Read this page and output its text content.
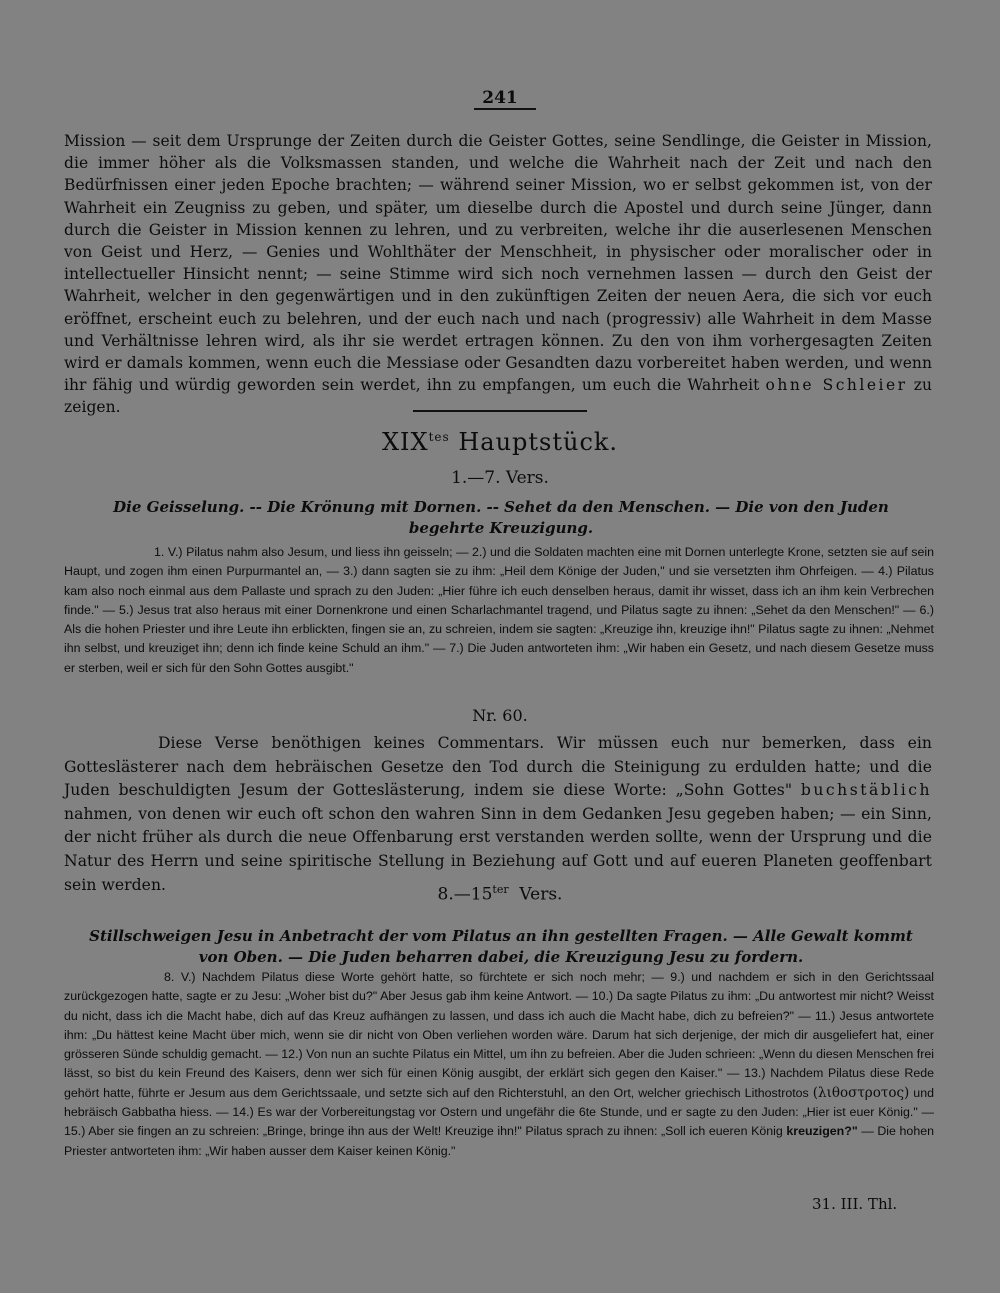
241

Mission — seit dem Ursprunge der Zeiten durch die Geister Gottes, seine Sendlinge, die Geister in Mission, die immer höher als die Volksmassen standen, und welche die Wahrheit nach der Zeit und nach den Bedürfnissen einer jeden Epoche brachten; — während seiner Mission, wo er selbst gekommen ist, von der Wahrheit ein Zeugniss zu geben, und später, um dieselbe durch die Apostel und durch seine Jünger, dann durch die Geister in Mission kennen zu lehren, und zu verbreiten, welche ihr die auserlesenen Menschen von Geist und Herz, — Genies und Wohlthäter der Menschheit, in physischer oder moralischer oder in intellectueller Hinsicht nennt; — seine Stimme wird sich noch vernehmen lassen — durch den Geist der Wahrheit, welcher in den gegenwärtigen und in den zukünftigen Zeiten der neuen Aera, die sich vor euch eröffnet, erscheint euch zu belehren, und der euch nach und nach (progressiv) alle Wahrheit in dem Masse und Verhältnisse lehren wird, als ihr sie werdet ertragen können. Zu den von ihm vorhergesagten Zeiten wird er damals kommen, wenn euch die Messiase oder Gesandten dazu vorbereitet haben werden, und wenn ihr fähig und würdig geworden sein werdet, ihn zu empfangen, um euch die Wahrheit ohne Schleier zu zeigen.

$XIX^{tes}$ Hauptstück.
1.—7. Vers.

Die Geisselung. -- Die Krönung mit Dornen. -- Sehet da den Menschen. — Die von den Juden begehrte Kreuzigung.

1. V.) Pilatus nahm also Jesum, und liess ihn geisseln; — 2.) und die Soldaten machten eine mit Dornen unterlegte Krone, setzten sie auf sein Haupt, und zogen ihm einen Purpurmantel an, — 3.) dann sagten sie zu ihm: „Heil dem Könige der Juden," und sie versetzten ihm Ohrfeigen. — 4.) Pilatus kam also noch einmal aus dem Pallaste und sprach zu den Juden: „Hier führe ich euch denselben heraus, damit ihr wisset, dass ich an ihm kein Verbrechen finde." — 5.) Jesus trat also heraus mit einer Dornenkrone und einen Scharlachmantel tragend, und Pilatus sagte zu ihnen: „Sehet da den Menschen!" — 6.) Als die hohen Priester und ihre Leute ihn erblickten, fingen sie an, zu schreien, indem sie sagten: „Kreuzige ihn, kreuzige ihn!" Pilatus sagte zu ihnen: „Nehmet ihn selbst, und kreuziget ihn; denn ich finde keine Schuld an ihm." — 7.) Die Juden antworteten ihm: „Wir haben ein Gesetz, und nach diesem Gesetze muss er sterben, weil er sich für den Sohn Gottes ausgibt."

Nr. 60.

Diese Verse benöthigen keines Commentars. Wir müssen euch nur bemerken, dass ein Gotteslästerer nach dem hebräischen Gesetze den Tod durch die Steinigung zu erdulden hatte; und die Juden beschuldigten Jesum der Gotteslästerung, indem sie diese Worte: „Sohn Gottes" buchstäblich nahmen, von denen wir euch oft schon den wahren Sinn in dem Gedanken Jesu gegeben haben; — ein Sinn, der nicht früher als durch die neue Offenbarung erst verstanden werden sollte, wenn der Ursprung und die Natur des Herrn und seine spiritische Stellung in Beziehung auf Gott und auf eueren Planeten geoffenbart sein werden.

$8.—15^{ter}$ Vers.

Stillschweigen Jesu in Anbetracht der vom Pilatus an ihn gestellten Fragen. — Alle Gewalt kommt von Oben. — Die Juden beharren dabei, die Kreuzigung Jesu zu fordern.

8. V.) Nachdem Pilatus diese Worte gehört hatte, so fürchtete er sich noch mehr; — 9.) und nachdem er sich in den Gerichtssaal zurückgezogen hatte, sagte er zu Jesu: „Woher bist du?" Aber Jesus gab ihm keine Antwort. — 10.) Da sagte Pilatus zu ihm: „Du antwortest mir nicht? Weisst du nicht, dass ich die Macht habe, dich auf das Kreuz aufhängen zu lassen, und dass ich auch die Macht habe, dich zu befreien?" — 11.) Jesus antwortete ihm: „Du hättest keine Macht über mich, wenn sie dir nicht von Oben verliehen worden wäre. Darum hat sich derjenige, der mich dir ausgeliefert hat, einer grösseren Sünde schuldig gemacht. — 12.) Von nun an suchte Pilatus ein Mittel, um ihn zu befreien. Aber die Juden schrieen: „Wenn du diesen Menschen frei lässt, so bist du kein Freund des Kaisers, denn wer sich für einen König ausgibt, der erklärt sich gegen den Kaiser." — 13.) Nachdem Pilatus diese Rede gehört hatte, führte er Jesum aus dem Gerichtssaale, und setzte sich auf den Richterstuhl, an den Ort, welcher griechisch Lithostrotos (λιθοστροτος) und hebräisch Gabbatha hiess. — 14.) Es war der Vorbereitungstag vor Ostern und ungefähr die 6te Stunde, und er sagte zu den Juden: „Hier ist euer König." — 15.) Aber sie fingen an zu schreien: „Bringe, bringe ihn aus der Welt! Kreuzige ihn!" Pilatus sprach zu ihnen: „Soll ich eueren König kreuzigen?" — Die hohen Priester antworteten ihm: „Wir haben ausser dem Kaiser keinen König."

31. III. Thl.
